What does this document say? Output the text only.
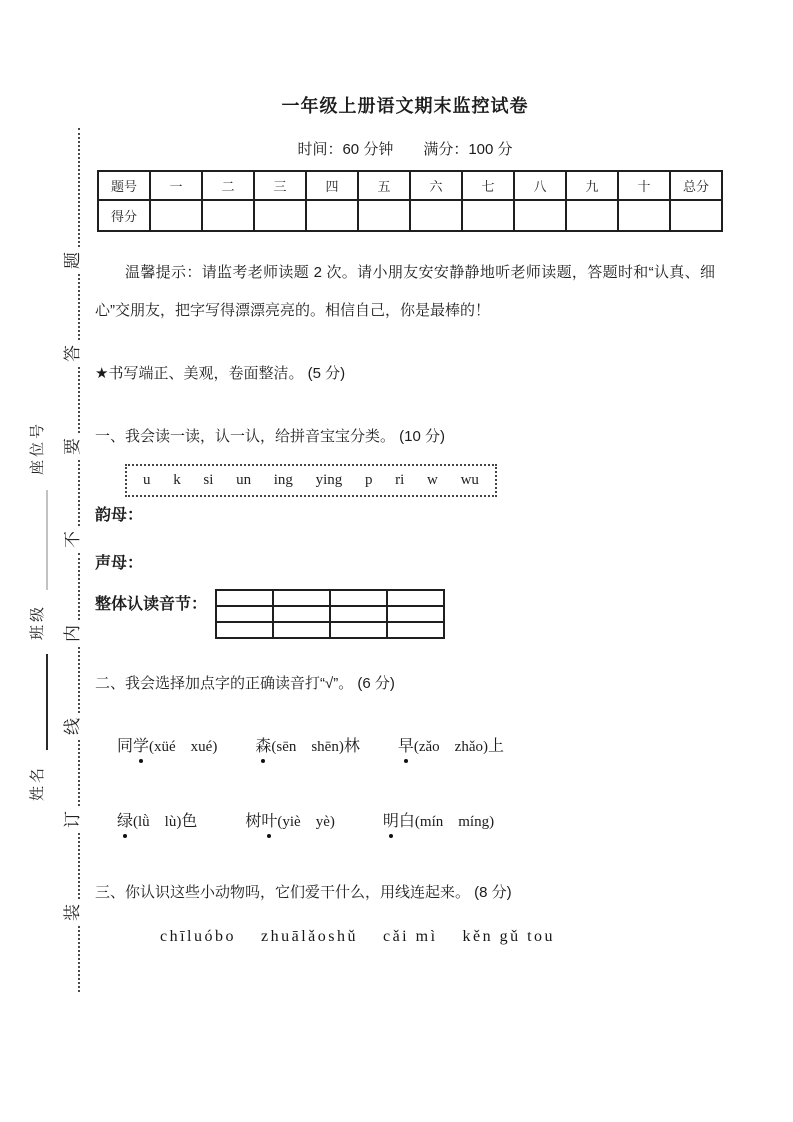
题
答
要
不
内
线
订
装
姓名
班级
座位号
一年级上册语文期末监控试卷
时间：60 分钟　　满分：100 分
题号	一	二	三	四	五	六	七	八	九	十	总分
得分											
温馨提示：请监考老师读题 2 次。请小朋友安安静静地听老师读题，答题时和“认真、细心”交朋友，把字写得漂漂亮亮的。相信自己，你是最棒的！
★书写端正、美观，卷面整洁。 (5 分)
一、我会读一读，认一认，给拼音宝宝分类。 (10 分)
u k si un ing ying p ri w wu
韵母：
声母：
整体认读音节：

二、我会选择加点字的正确读音打“√”。 (6 分)
同学(xüé　xué) 森(sēn　shēn)林 早(zǎo　zhǎo)上
绿(lǜ　lù)色	树叶(yiè　yè)	明白(mín　míng)
三、你认识这些小动物吗，它们爱干什么，用线连起来。 (8 分)
chīluóbo　 zhuālǎoshǔ　 cǎi mì　 kěn gǔ tou
